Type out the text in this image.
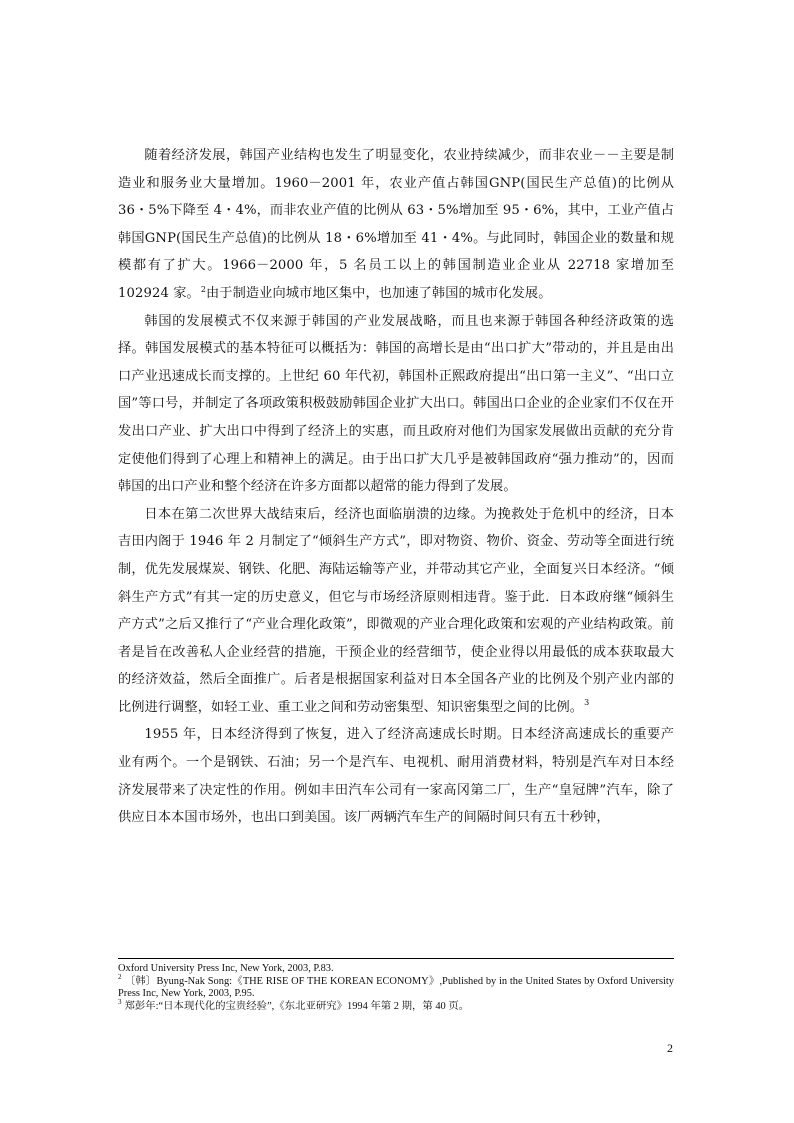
随着经济发展，韩国产业结构也发生了明显变化，农业持续减少，而非农业－－主要是制造业和服务业大量增加。1960－2001 年，农业产值占韩国GNP(国民生产总值)的比例从 36・5%下降至 4・4%，而非农业产值的比例从 63・5%增加至 95・6%，其中，工业产值占韩国GNP(国民生产总值)的比例从 18・6%增加至 41・4%。与此同时，韩国企业的数量和规模都有了扩大。1966－2000 年，5 名员工以上的韩国制造业企业从 22718 家增加至 102924 家。$^2$由于制造业向城市地区集中，也加速了韩国的城市化发展。

韩国的发展模式不仅来源于韩国的产业发展战略，而且也来源于韩国各种经济政策的选择。韩国发展模式的基本特征可以概括为：韩国的高增长是由“出口扩大”带动的，并且是由出口产业迅速成长而支撑的。上世纪 60 年代初，韩国朴正熙政府提出“出口第一主义”、“出口立国”等口号，并制定了各项政策积极鼓励韩国企业扩大出口。韩国出口企业的企业家们不仅在开发出口产业、扩大出口中得到了经济上的实惠，而且政府对他们为国家发展做出贡献的充分肯定使他们得到了心理上和精神上的满足。由于出口扩大几乎是被韩国政府“强力推动”的，因而韩国的出口产业和整个经济在许多方面都以超常的能力得到了发展。

日本在第二次世界大战结束后，经济也面临崩溃的边缘。为挽救处于危机中的经济，日本吉田内阁于 1946 年 2 月制定了“倾斜生产方式”，即对物资、物价、资金、劳动等全面进行统制，优先发展煤炭、钢铁、化肥、海陆运输等产业，并带动其它产业，全面复兴日本经济。“倾斜生产方式”有其一定的历史意义，但它与市场经济原则相违背。鉴于此．日本政府继“倾斜生产方式”之后又推行了“产业合理化政策”，即微观的产业合理化政策和宏观的产业结构政策。前者是旨在改善私人企业经营的措施，干预企业的经营细节，使企业得以用最低的成本获取最大的经济效益，然后全面推广。后者是根据国家利益对日本全国各产业的比例及个别产业内部的比例进行调整，如轻工业、重工业之间和劳动密集型、知识密集型之间的比例。$^3$

1955 年，日本经济得到了恢复，进入了经济高速成长时期。日本经济高速成长的重要产业有两个。一个是钢铁、石油；另一个是汽车、电视机、耐用消费材料，特别是汽车对日本经济发展带来了决定性的作用。例如丰田汽车公司有一家高冈第二厂，生产“皇冠牌”汽车，除了供应日本本国市场外，也出口到美国。该厂两辆汽车生产的间隔时间只有五十秒钟，

Oxford University Press Inc, New York, 2003, P.83.

$^2$ 〔韩〕Byung-Nak Song:《THE RISE OF THE KOREAN ECONOMY》,Published by in the United States by Oxford University Press Inc, New York, 2003, P.95.

$^3$ 郑彭年:“日本现代化的宝贵经验”,《东北亚研究》1994 年第 2 期，第 40 页。

2
